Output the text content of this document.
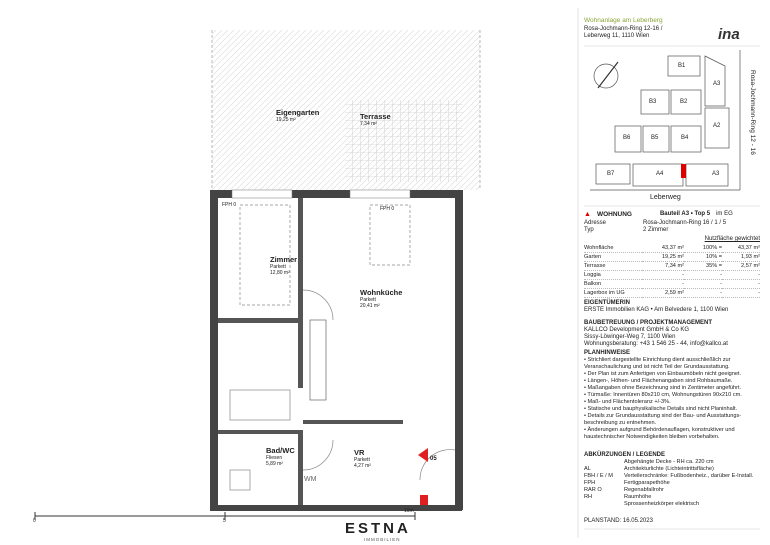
Eigengarten
19,25 m²	Terrasse
7,34 m²
Zimmer
Parkett
12,80 m²
Wohnküche
Parkett
20,41 m²
Bad/WC
Fliesen
5,89 m²
VR
Parkett
4,27 m²
FPH 0
FPH 0
WM
05
0	5
10m
ESTNA
IMMOBILIEN
Wohnanlage am Leberberg
Rosa-Jochmann-Ring 12-16 /
Leberweg 11, 1110 Wien	ina
B1
A3
B3	B2
A2
B6	B5	B4
B7	A4	A3
Leberweg
Rosa-Jochmann-Ring 12 - 16
▲ WOHNUNG	Bauteil A3 • Top 5 im EG
Adresse	Rosa-Jochmann-Ring 16 / 1 / 5
Typ	2 Zimmer
Nutzfläche gewichtet
Wohnfläche	43,37 m²	100% =	43,37 m²
Garten	19,25 m²	10% =	1,93 m²
Terrasse	7,34 m²	35% =	2,57 m²
Loggia	-	-	-
Balkon	-	-	-
Lagerbox im UG	2,59 m²	-	-
EIGENTÜMERIN
ERSTE Immobilien KAG • Am Belvedere 1, 1100 Wien
BAUBETREUUNG / PROJEKTMANAGEMENT
KALLCO Development GmbH & Co KG
Sissy-Löwinger-Weg 7, 1100 Wien
Wohnungsberatung: +43 1 546 25 - 44, info@kallco.at
PLANHINWEISE
• Strichliert dargestellte Einrichtung dient ausschließlich zur
Veranschaulichung und ist nicht Teil der Grundausstattung.
• Der Plan ist zum Anfertigen von Einbaumöbeln nicht geeignet.
• Längen-, Höhen- und Flächenangaben sind Rohbaumaße.
• Maßangaben ohne Bezeichnung sind in Zentimeter angeführt.
• Türmaße: Innentüren 80x210 cm, Wohnungstüren 90x210 cm.
• Maß- und Flächentoleranz +/-3%.
• Statische und bauphysikalische Details sind nicht Planinhalt.
• Details zur Grundausstattung sind der Bau- und Ausstattungs-
beschreibung zu entnehmen.
• Änderungen aufgrund Behördenauflagen, konstruktiver und
haustechnischer Notwendigkeiten bleiben vorbehalten.
ABKÜRZUNGEN / LEGENDE
Abgehängte Decke - RH ca. 220 cm
AL	Architekturlichte (Lichteintrittsfläche)
FBH / E / M	Verteilerschränke: Fußbodenheiz., darüber E-Install.
FPH	Fertigparapethöhe
RAR O	Regenabfallrohr
RH	Raumhöhe
Sprossenheizkörper elektrisch
PLANSTAND: 16.05.2023
